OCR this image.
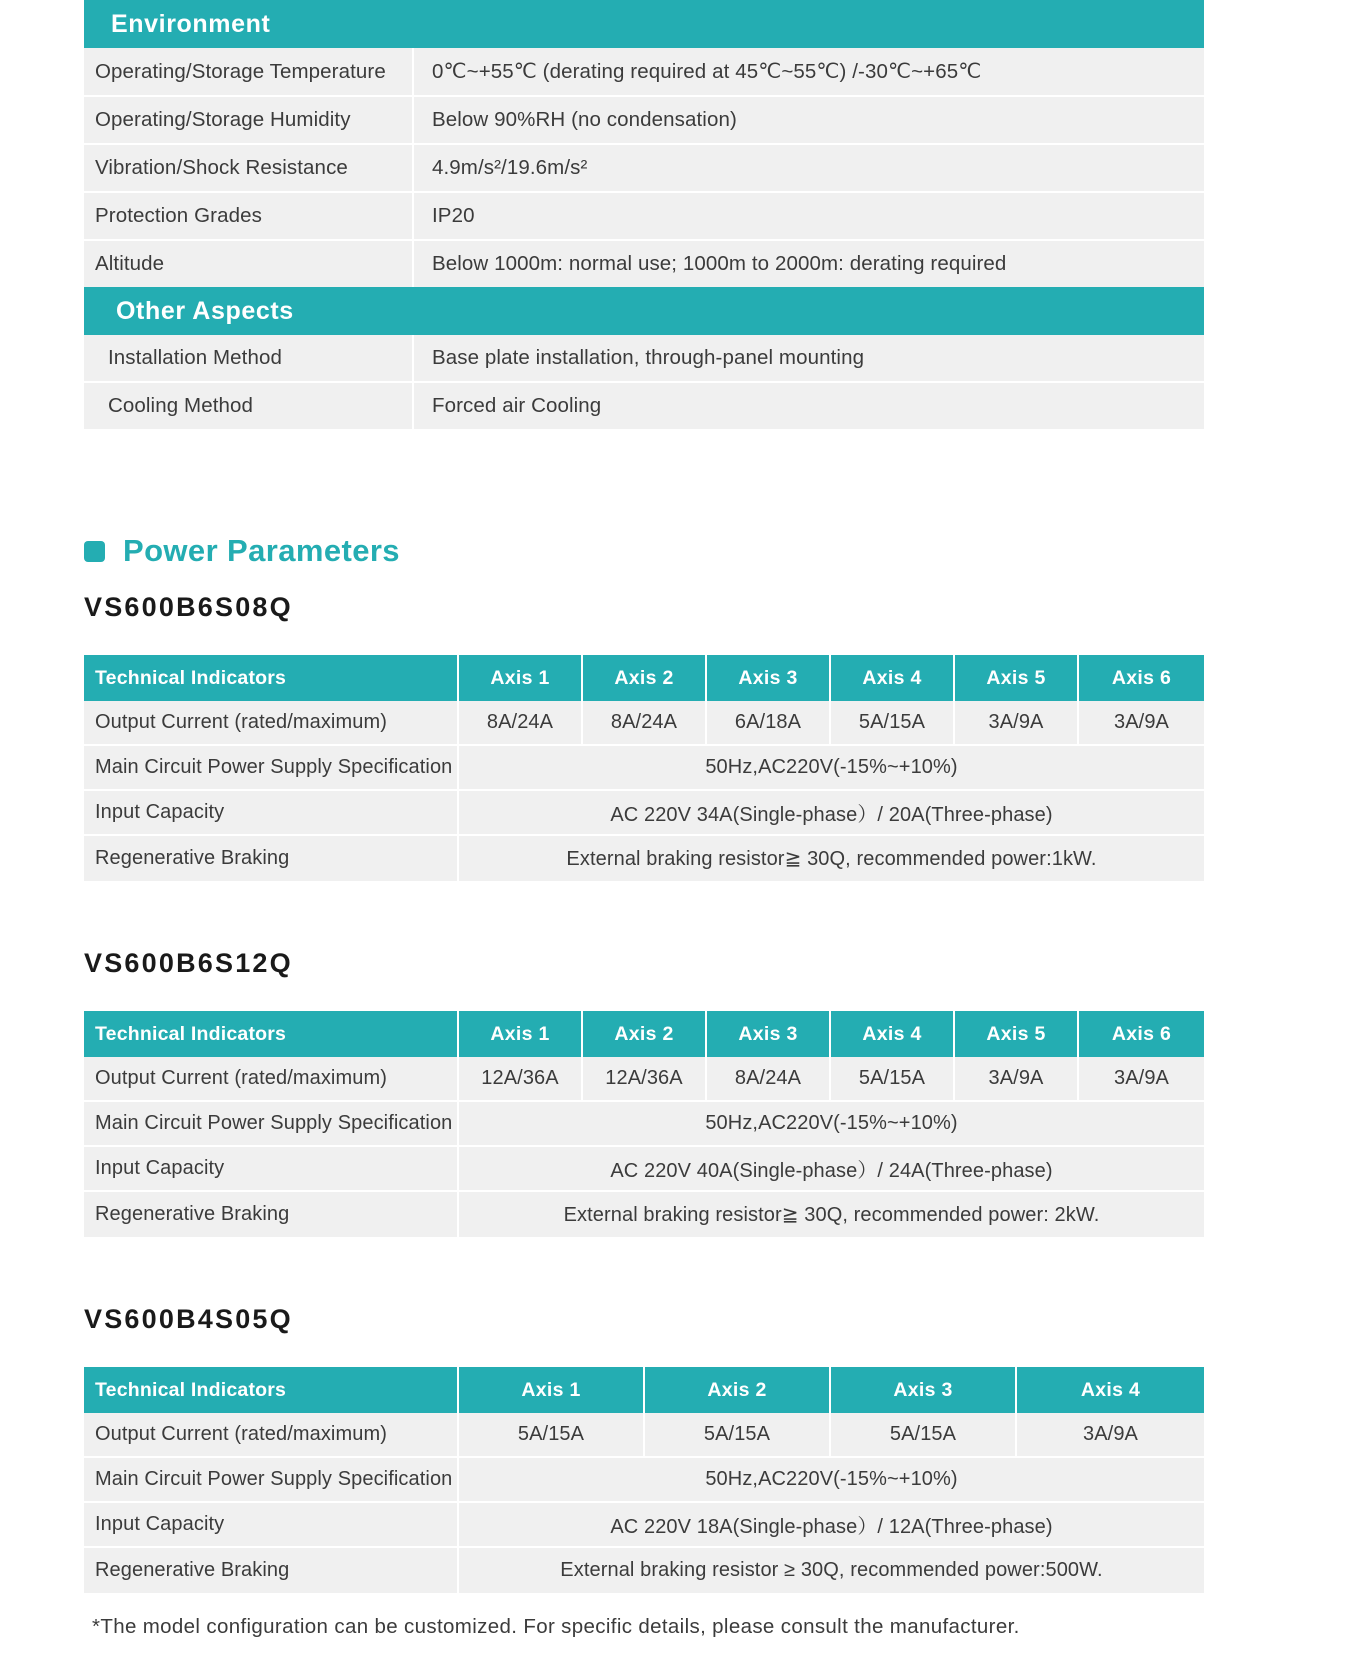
Environment
Operating/Storage Temperature	0℃~+55℃ (derating required at 45℃~55℃) /-30℃~+65℃
Operating/Storage Humidity	Below 90%RH (no condensation)
Vibration/Shock Resistance	4.9m/s²/19.6m/s²
Protection Grades	IP20
Altitude	Below 1000m: normal use; 1000m to 2000m: derating required
Other Aspects
Installation Method	Base plate installation, through-panel mounting
Cooling Method	Forced air Cooling
Power Parameters
VS600B6S08Q
Technical Indicators	Axis 1	Axis 2	Axis 3	Axis 4	Axis 5	Axis 6
Output Current (rated/maximum)	8A/24A	8A/24A	6A/18A	5A/15A	3A/9A	3A/9A
Main Circuit Power Supply Specification	50Hz,AC220V(-15%~+10%)					
Input Capacity	AC 220V 34A(Single-phase）/ 20A(Three-phase)					
Regenerative Braking	External braking resistor≧ 30Q, recommended power:1kW.					
VS600B6S12Q
Technical Indicators	Axis 1	Axis 2	Axis 3	Axis 4	Axis 5	Axis 6
Output Current (rated/maximum)	12A/36A	12A/36A	8A/24A	5A/15A	3A/9A	3A/9A
Main Circuit Power Supply Specification	50Hz,AC220V(-15%~+10%)					
Input Capacity	AC 220V 40A(Single-phase）/ 24A(Three-phase)					
Regenerative Braking	External braking resistor≧ 30Q, recommended power: 2kW.					
VS600B4S05Q
Technical Indicators	Axis 1	Axis 2	Axis 3	Axis 4
Output Current (rated/maximum)	5A/15A	5A/15A	5A/15A	3A/9A
Main Circuit Power Supply Specification	50Hz,AC220V(-15%~+10%)			
Input Capacity	AC 220V 18A(Single-phase）/ 12A(Three-phase)			
Regenerative Braking	External braking resistor ≥ 30Q, recommended power:500W.			
*The model configuration can be customized. For specific details, please consult the manufacturer.
